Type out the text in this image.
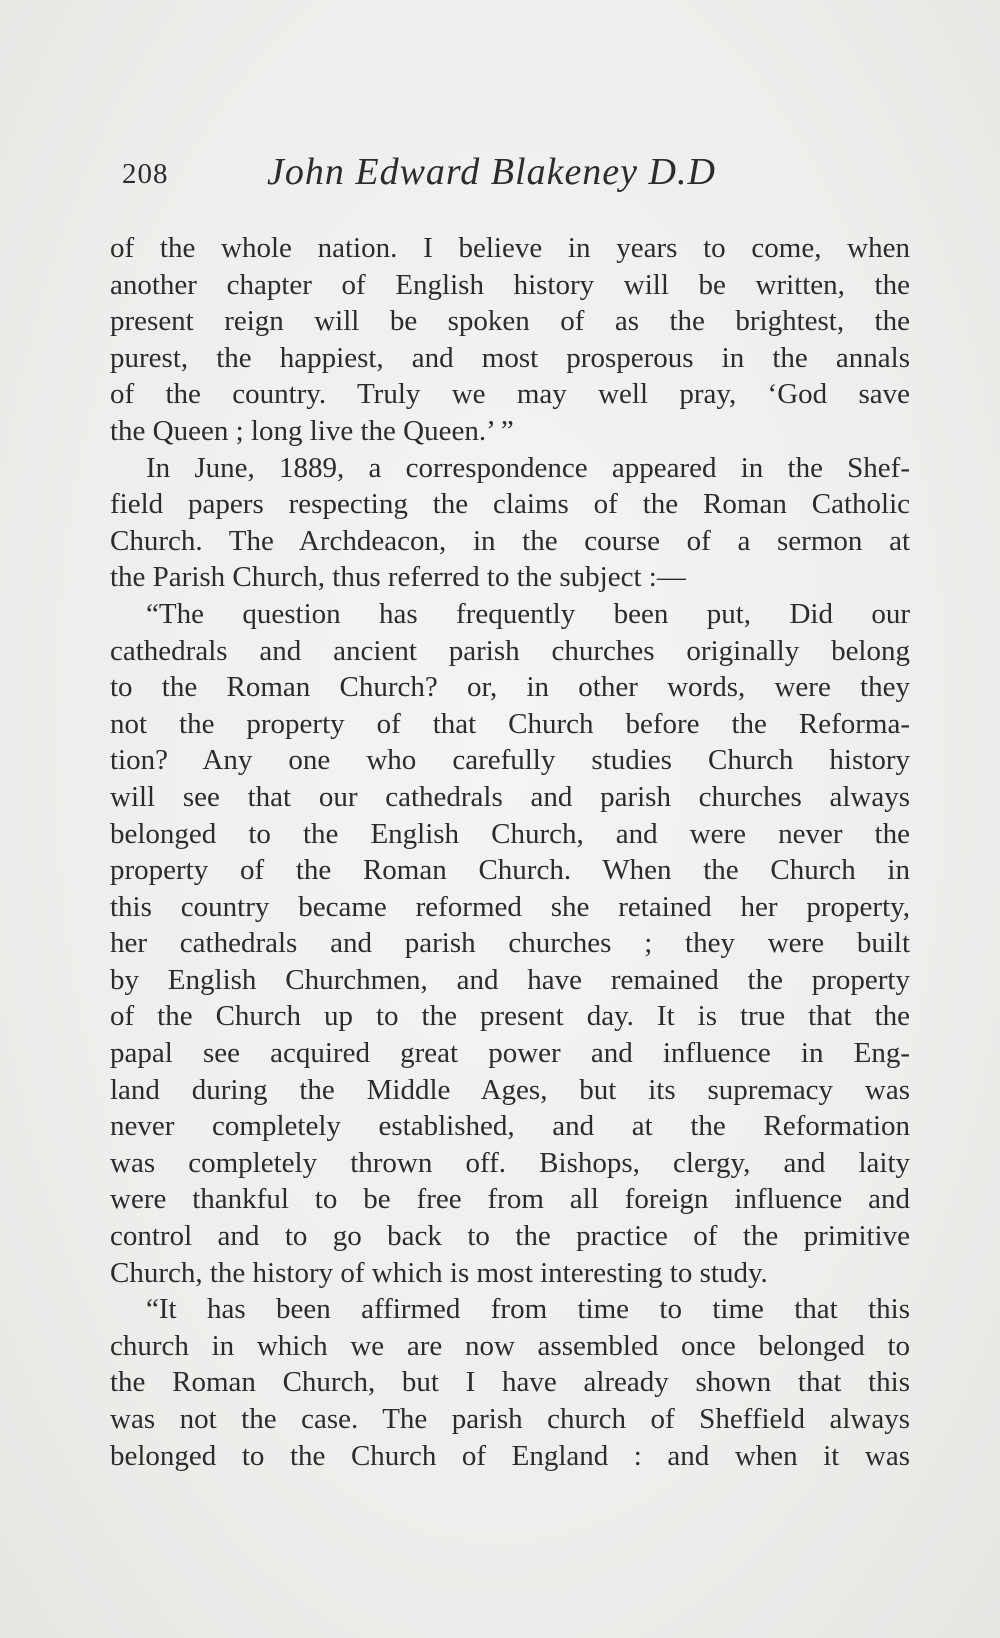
208	John Edward Blakeney D.D
of the whole nation. I believe in years to come, when
another chapter of English history will be written, the
present reign will be spoken of as the brightest, the
purest, the happiest, and most prosperous in the annals
of the country. Truly we may well pray, ‘God save
the Queen ; long live the Queen.’ ”
In June, 1889, a correspondence appeared in the Shef-
field papers respecting the claims of the Roman Catholic
Church. The Archdeacon, in the course of a sermon at
the Parish Church, thus referred to the subject :—
“The question has frequently been put, Did our
cathedrals and ancient parish churches originally belong
to the Roman Church? or, in other words, were they
not the property of that Church before the Reforma-
tion? Any one who carefully studies Church history
will see that our cathedrals and parish churches always
belonged to the English Church, and were never the
property of the Roman Church. When the Church in
this country became reformed she retained her property,
her cathedrals and parish churches ; they were built
by English Churchmen, and have remained the property
of the Church up to the present day. It is true that the
papal see acquired great power and influence in Eng-
land during the Middle Ages, but its supremacy was
never completely established, and at the Reformation
was completely thrown off. Bishops, clergy, and laity
were thankful to be free from all foreign influence and
control and to go back to the practice of the primitive
Church, the history of which is most interesting to study.
“It has been affirmed from time to time that this
church in which we are now assembled once belonged to
the Roman Church, but I have already shown that this
was not the case. The parish church of Sheffield always
belonged to the Church of England : and when it was
